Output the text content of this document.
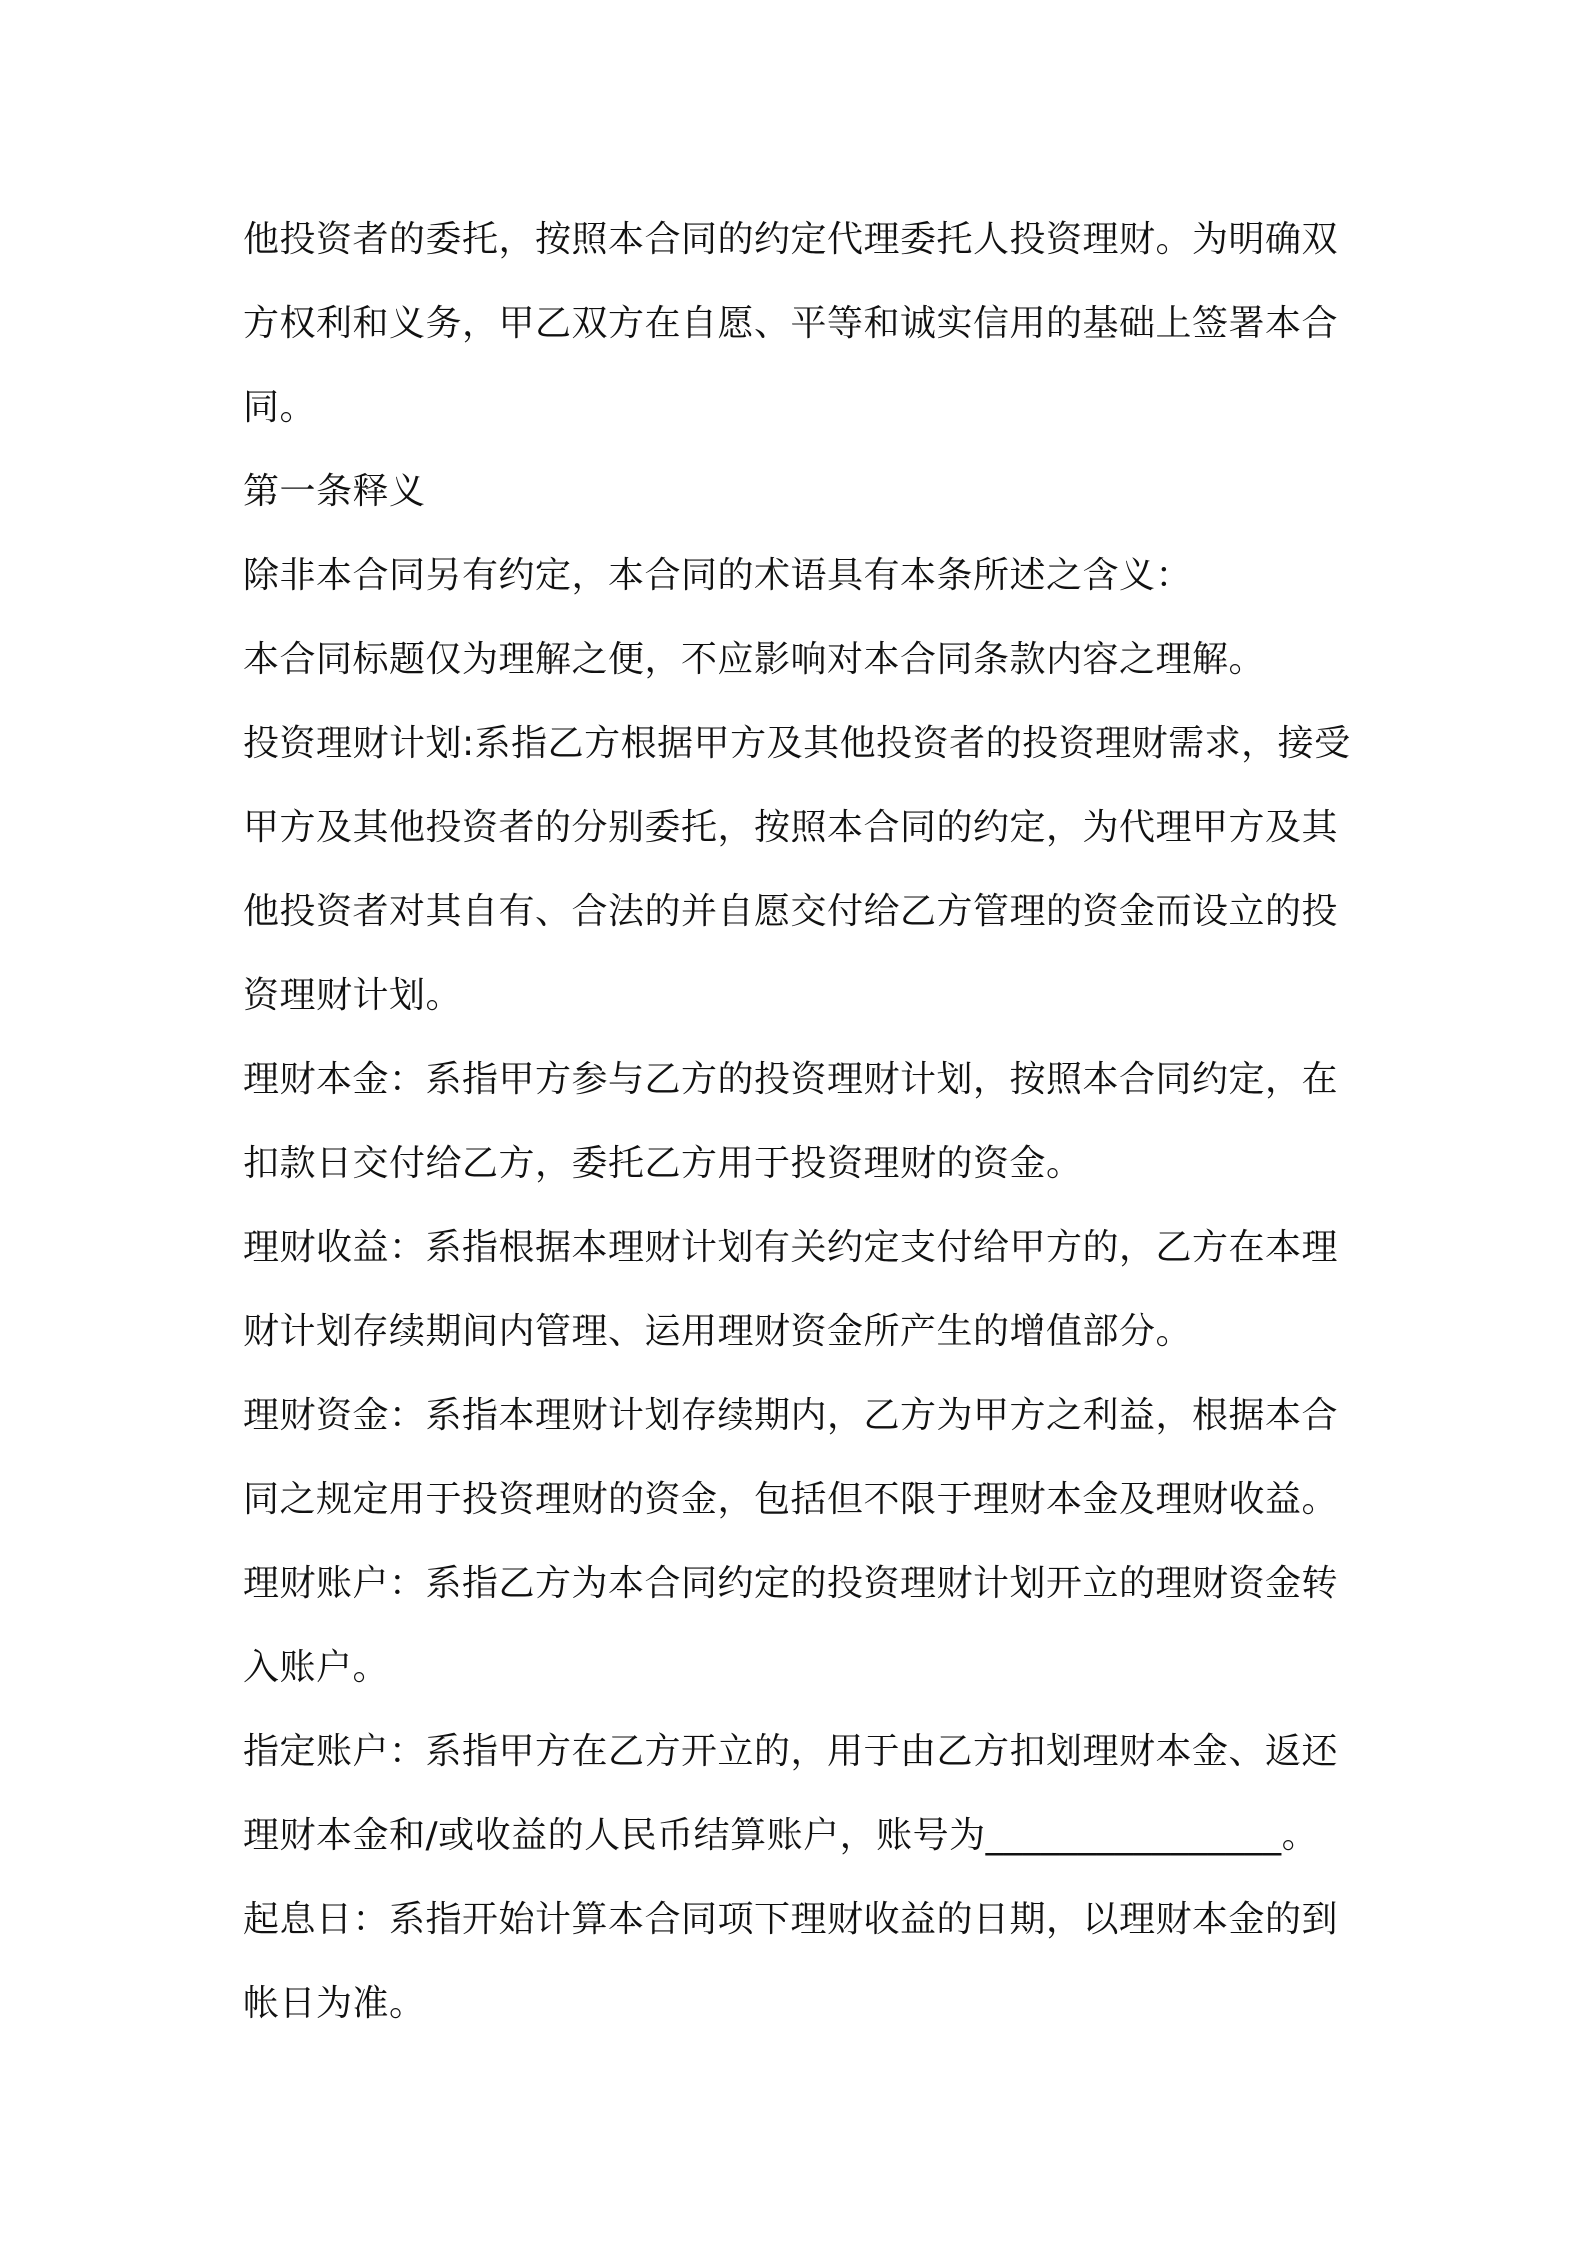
他投资者的委托，按照本合同的约定代理委托人投资理财。为明确双方权利和义务，甲乙双方在自愿、平等和诚实信用的基础上签署本合同。

第一条释义

除非本合同另有约定，本合同的术语具有本条所述之含义：

本合同标题仅为理解之便，不应影响对本合同条款内容之理解。

投资理财计划:系指乙方根据甲方及其他投资者的投资理财需求，接受甲方及其他投资者的分别委托，按照本合同的约定，为代理甲方及其他投资者对其自有、合法的并自愿交付给乙方管理的资金而设立的投资理财计划。

理财本金：系指甲方参与乙方的投资理财计划，按照本合同约定，在扣款日交付给乙方，委托乙方用于投资理财的资金。

理财收益：系指根据本理财计划有关约定支付给甲方的，乙方在本理财计划存续期间内管理、运用理财资金所产生的增值部分。

理财资金：系指本理财计划存续期内，乙方为甲方之利益，根据本合同之规定用于投资理财的资金，包括但不限于理财本金及理财收益。

理财账户：系指乙方为本合同约定的投资理财计划开立的理财资金转入账户。

指定账户：系指甲方在乙方开立的，用于由乙方扣划理财本金、返还理财本金和/或收益的人民币结算账户，账号为________________。

起息日：系指开始计算本合同项下理财收益的日期，以理财本金的到帐日为准。
